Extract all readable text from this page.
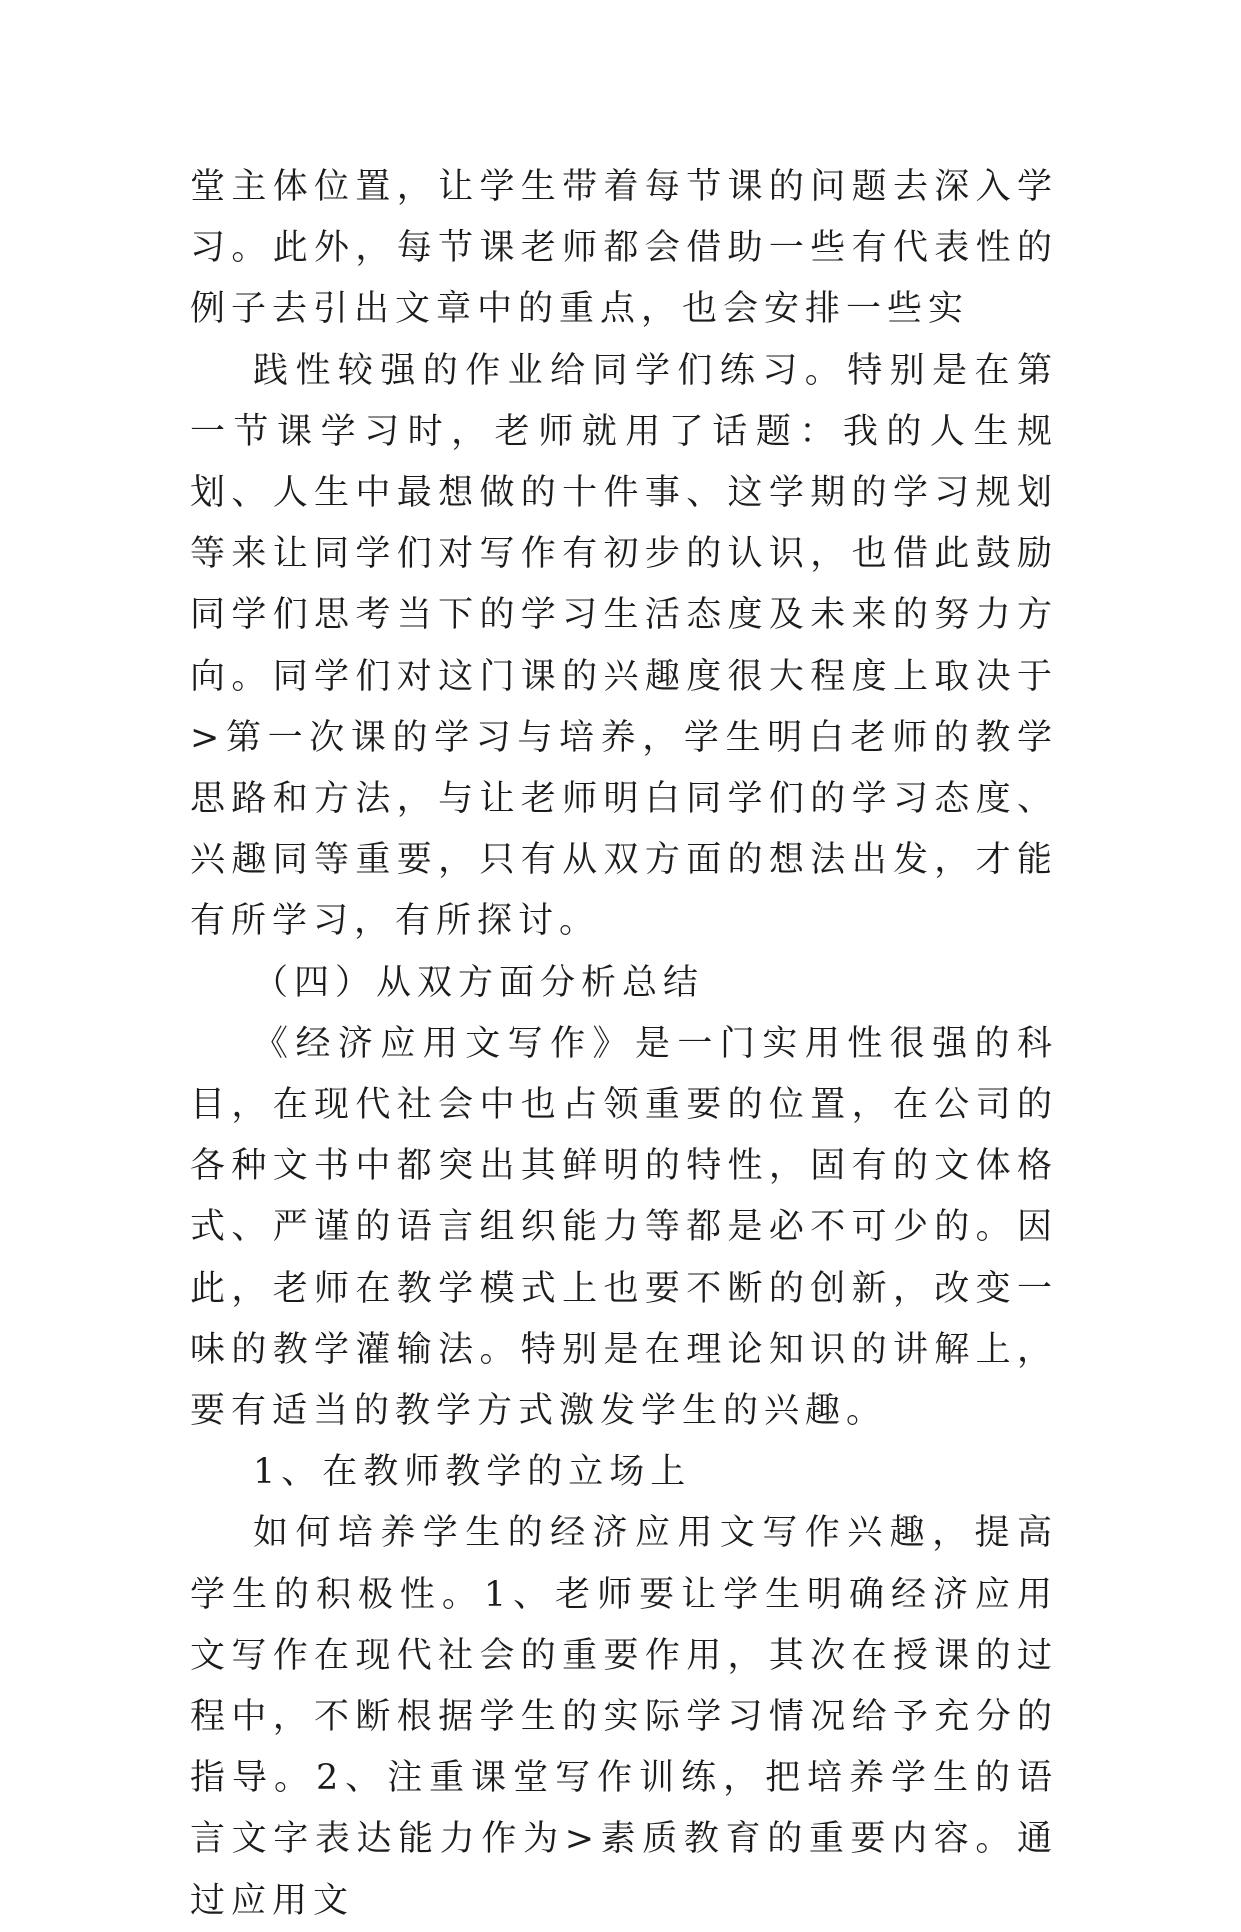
堂主体位置，让学生带着每节课的问题去深入学习。此外，每节课老师都会借助一些有代表性的例子去引出文章中的重点，也会安排一些实

践性较强的作业给同学们练习。特别是在第一节课学习时，老师就用了话题：我的人生规划、人生中最想做的十件事、这学期的学习规划等来让同学们对写作有初步的认识，也借此鼓励同学们思考当下的学习生活态度及未来的努力方向。同学们对这门课的兴趣度很大程度上取决于>第一次课的学习与培养，学生明白老师的教学思路和方法，与让老师明白同学们的学习态度、兴趣同等重要，只有从双方面的想法出发，才能有所学习，有所探讨。

（四）从双方面分析总结

《经济应用文写作》是一门实用性很强的科目，在现代社会中也占领重要的位置，在公司的各种文书中都突出其鲜明的特性，固有的文体格式、严谨的语言组织能力等都是必不可少的。因此，老师在教学模式上也要不断的创新，改变一味的教学灌输法。特别是在理论知识的讲解上，要有适当的教学方式激发学生的兴趣。

1、在教师教学的立场上

如何培养学生的经济应用文写作兴趣，提高学生的积极性。1、老师要让学生明确经济应用文写作在现代社会的重要作用，其次在授课的过程中，不断根据学生的实际学习情况给予充分的指导。2、注重课堂写作训练，把培养学生的语言文字表达能力作为>素质教育的重要内容。通过应用文
